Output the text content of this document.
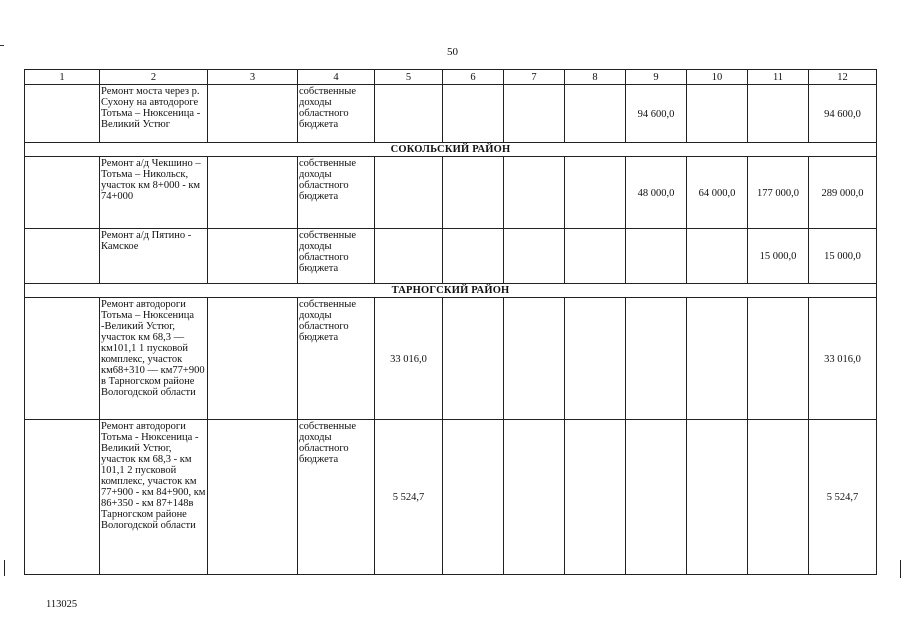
50
1	2	3	4	5	6	7	8	9	10	11	12
	Ремонт моста через р. Сухону на автодороге Тотьма – Нюксеница - Великий Устюг		собственные доходы областного бюджета					94 600,0			94 600,0
СОКОЛЬСКИЙ РАЙОН											
	Ремонт а/д Чекшино – Тотьма – Никольск, участок км 8+000 - км 74+000		собственные доходы областного бюджета					48 000,0	64 000,0	177 000,0	289 000,0
	Ремонт а/д Пятино - Камское		собственные доходы областного бюджета							15 000,0	15 000,0
ТАРНОГСКИЙ РАЙОН											
	Ремонт автодороги Тотьма – Нюксеница -Великий Устюг, участок км 68,3 — км101,1 1 пусковой комплекс, участок км68+310 — км77+900 в Тарногском районе Вологодской области		собственные доходы областного бюджета	33 016,0							33 016,0
	Ремонт автодороги Тотьма - Нюксеница - Великий Устюг, участок км 68,3 - км 101,1 2 пусковой комплекс, участок км 77+900 - км 84+900, км 86+350 - км 87+148в Тарногском районе Вологодской области		собственные доходы областного бюджета	5 524,7							5 524,7
113025
